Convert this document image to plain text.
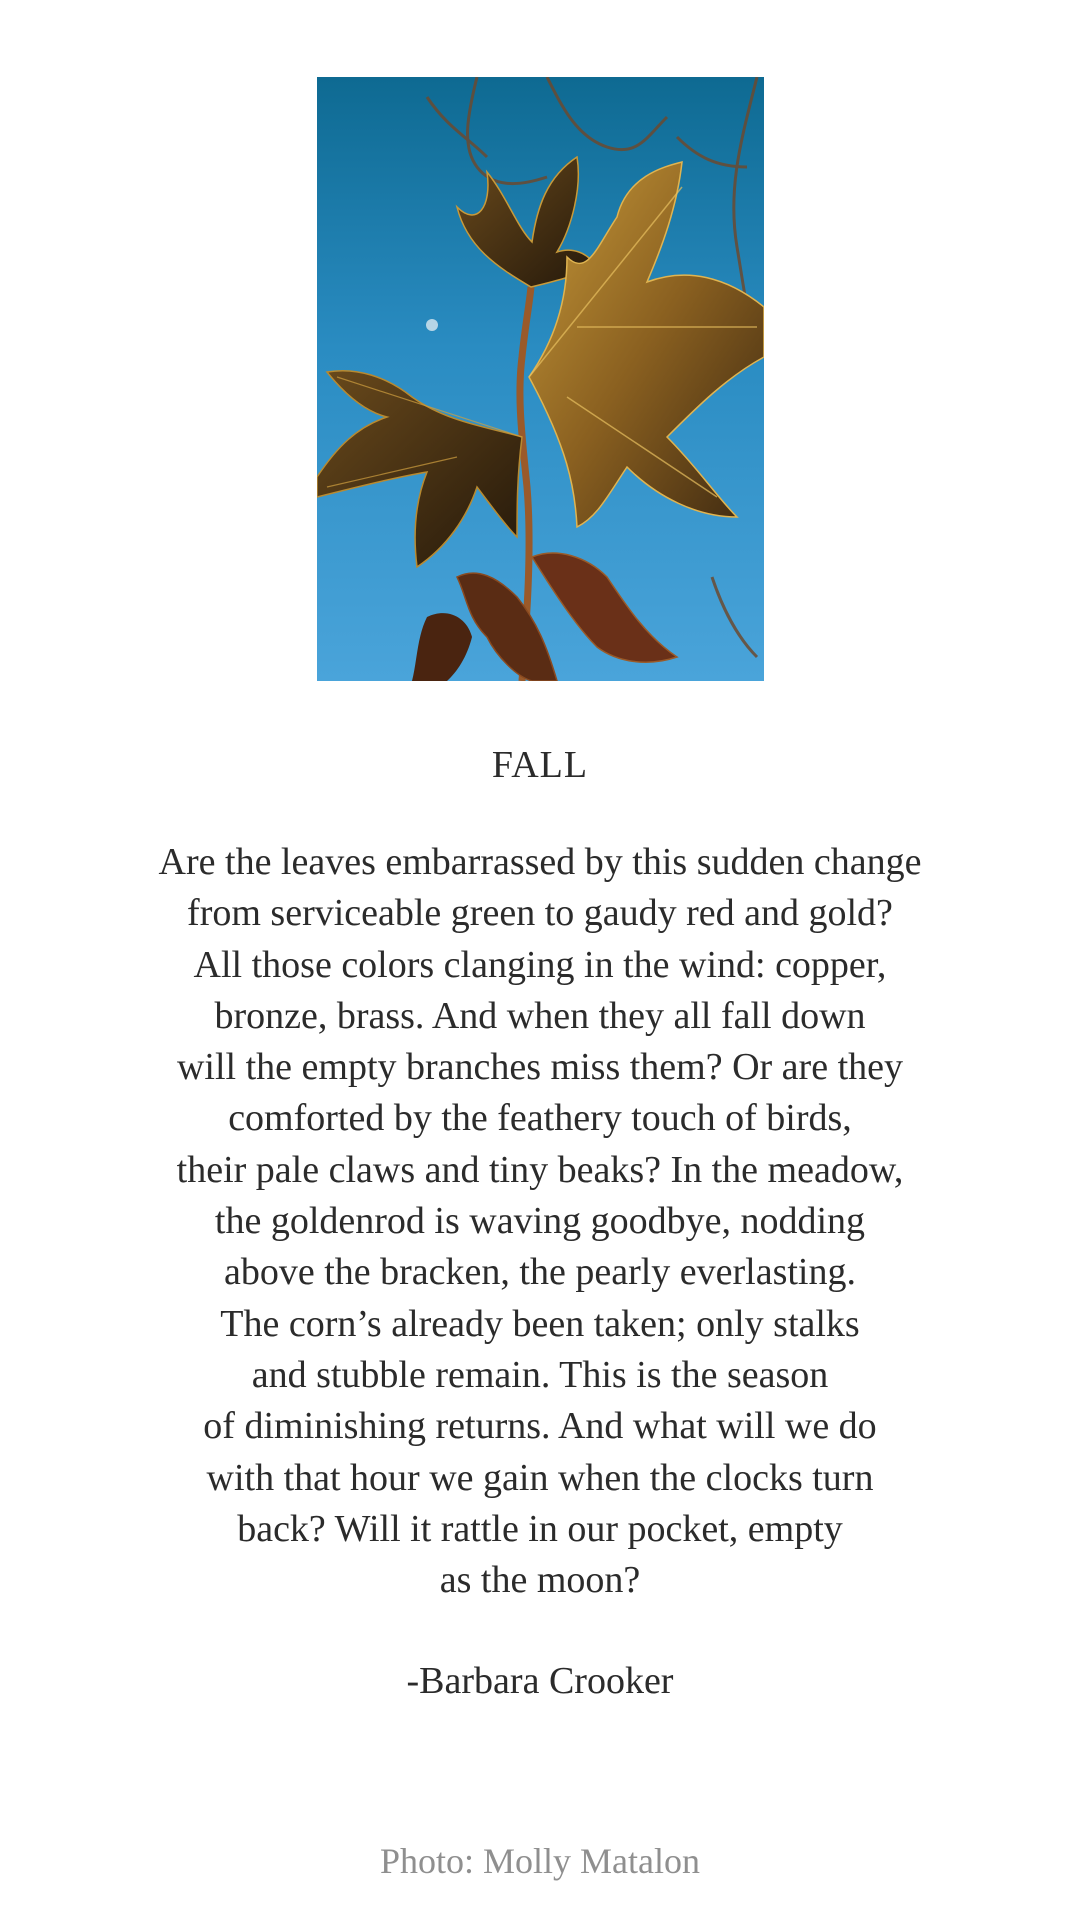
FALL
Are the leaves embarrassed by this sudden change
from serviceable green to gaudy red and gold?
All those colors clanging in the wind: copper,
bronze, brass. And when they all fall down
will the empty branches miss them? Or are they
comforted by the feathery touch of birds,
their pale claws and tiny beaks? In the meadow,
the goldenrod is waving goodbye, nodding
above the bracken, the pearly everlasting.
The corn’s already been taken; only stalks
and stubble remain. This is the season
of diminishing returns. And what will we do
with that hour we gain when the clocks turn
back? Will it rattle in our pocket, empty
as the moon?
-Barbara Crooker
Photo: Molly Matalon
